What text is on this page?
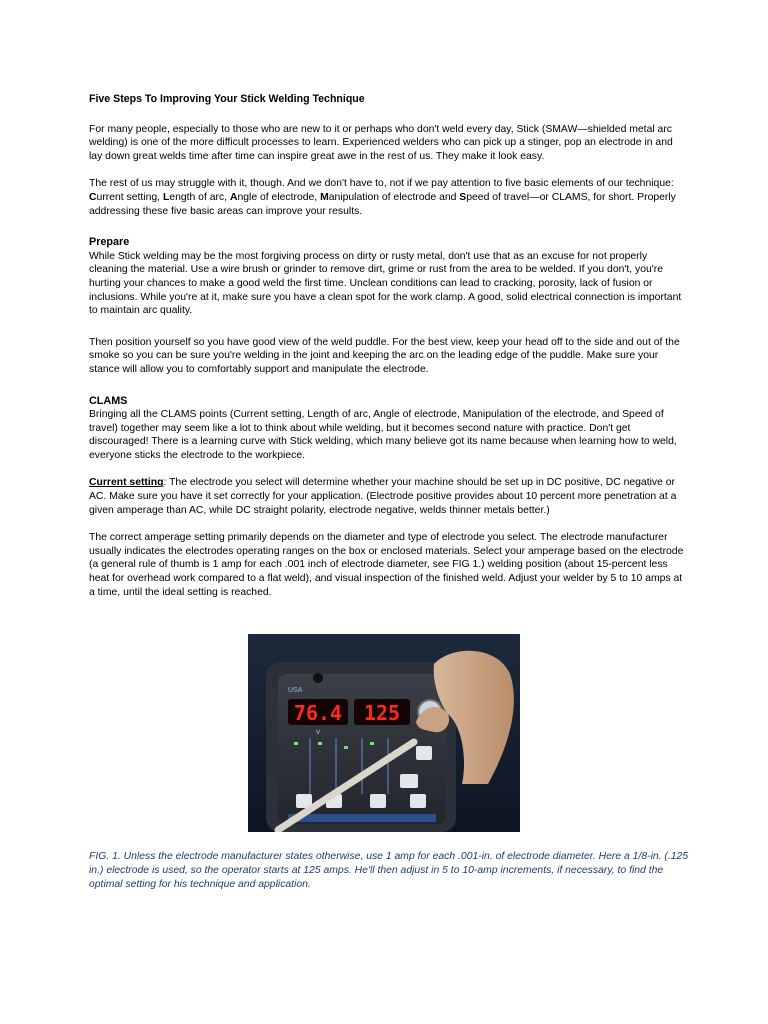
Five Steps To Improving Your Stick Welding Technique

For many people, especially to those who are new to it or perhaps who don't weld every day, Stick (SMAW—shielded metal arc welding) is one of the more difficult processes to learn. Experienced welders who can pick up a stinger, pop an electrode in and lay down great welds time after time can inspire great awe in the rest of us. They make it look easy.

The rest of us may struggle with it, though. And we don't have to, not if we pay attention to five basic elements of our technique: Current setting, Length of arc, Angle of electrode, Manipulation of electrode and Speed of travel—or CLAMS, for short. Properly addressing these five basic areas can improve your results.

Prepare

While Stick welding may be the most forgiving process on dirty or rusty metal, don't use that as an excuse for not properly cleaning the material. Use a wire brush or grinder to remove dirt, grime or rust from the area to be welded. If you don't, you're hurting your chances to make a good weld the first time. Unclean conditions can lead to cracking, porosity, lack of fusion or inclusions. While you're at it, make sure you have a clean spot for the work clamp. A good, solid electrical connection is important to maintain arc quality.

Then position yourself so you have good view of the weld puddle. For the best view, keep your head off to the side and out of the smoke so you can be sure you're welding in the joint and keeping the arc on the leading edge of the puddle. Make sure your stance will allow you to comfortably support and manipulate the electrode.

CLAMS

Bringing all the CLAMS points (Current setting, Length of arc, Angle of electrode, Manipulation of the electrode, and Speed of travel) together may seem like a lot to think about while welding, but it becomes second nature with practice. Don't get discouraged! There is a learning curve with Stick welding, which many believe got its name because when learning how to weld, everyone sticks the electrode to the workpiece.

Current setting: The electrode you select will determine whether your machine should be set up in DC positive, DC negative or AC. Make sure you have it set correctly for your application. (Electrode positive provides about 10 percent more penetration at a given amperage than AC, while DC straight polarity, electrode negative, welds thinner metals better.)

The correct amperage setting primarily depends on the diameter and type of electrode you select. The electrode manufacturer usually indicates the electrodes operating ranges on the box or enclosed materials. Select your amperage based on the electrode (a general rule of thumb is 1 amp for each .001 inch of electrode diameter, see FIG 1.) welding position (about 15-percent less heat for overhead work compared to a flat weld), and visual inspection of the finished weld. Adjust your welder by 5 to 10 amps at a time, until the ideal setting is reached.

USA
76.4
V
125

FIG. 1. Unless the electrode manufacturer states otherwise, use 1 amp for each .001-in. of electrode diameter. Here a 1/8-in. (.125 in.) electrode is used, so the operator starts at 125 amps. He'll then adjust in 5 to 10-amp increments, if necessary, to find the optimal setting for his technique and application.
